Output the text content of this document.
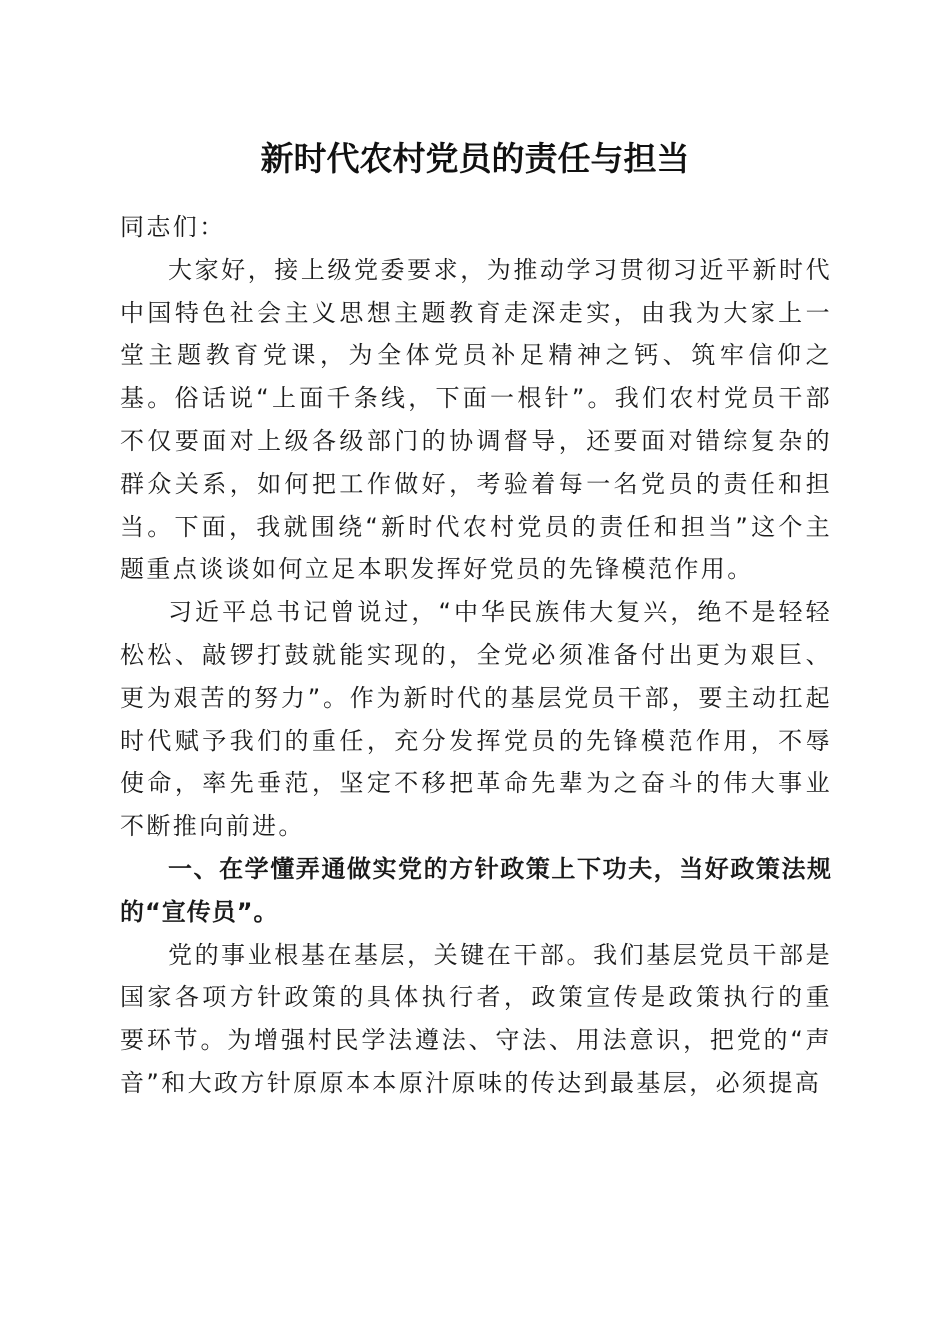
新时代农村党员的责任与担当

同志们：

大家好，接上级党委要求，为推动学习贯彻习近平新时代中国特色社会主义思想主题教育走深走实，由我为大家上一堂主题教育党课，为全体党员补足精神之钙、筑牢信仰之基。俗话说“上面千条线，下面一根针”。我们农村党员干部不仅要面对上级各级部门的协调督导，还要面对错综复杂的群众关系，如何把工作做好，考验着每一名党员的责任和担当。下面，我就围绕“新时代农村党员的责任和担当”这个主题重点谈谈如何立足本职发挥好党员的先锋模范作用。

习近平总书记曾说过，“中华民族伟大复兴，绝不是轻轻松松、敲锣打鼓就能实现的，全党必须准备付出更为艰巨、更为艰苦的努力”。作为新时代的基层党员干部，要主动扛起时代赋予我们的重任，充分发挥党员的先锋模范作用，不辱使命，率先垂范，坚定不移把革命先辈为之奋斗的伟大事业不断推向前进。

一、在学懂弄通做实党的方针政策上下功夫，当好政策法规的“宣传员”。

党的事业根基在基层，关键在干部。我们基层党员干部是国家各项方针政策的具体执行者，政策宣传是政策执行的重要环节。为增强村民学法遵法、守法、用法意识，把党的“声音”和大政方针原原本本原汁原味的传达到最基层，必须提高
